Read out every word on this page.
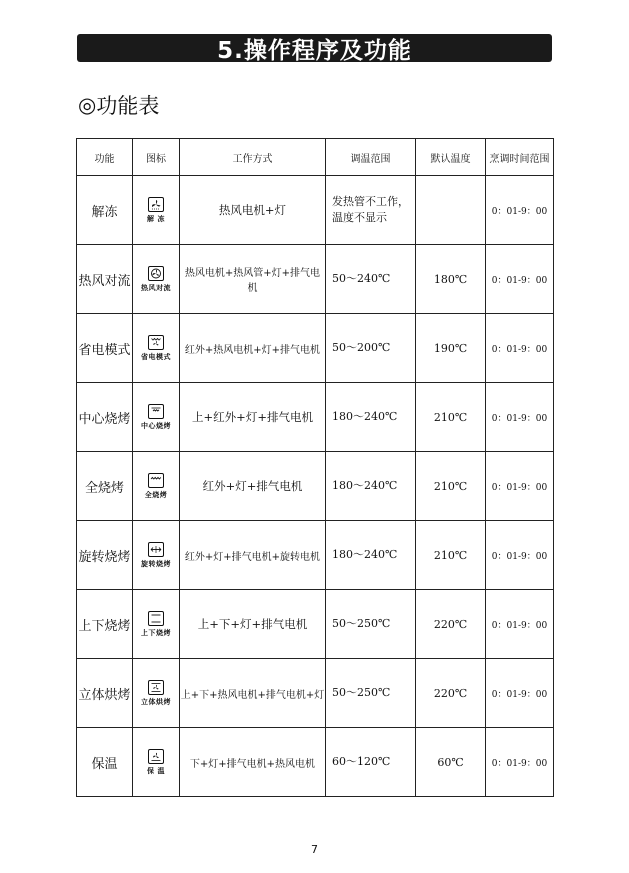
5.操作程序及功能
◎ 功能表
功能	图标	工作方式	调温范围	默认温度	烹调时间范围
解冻	解 冻	热风电机+灯	发热管不工作，温度不显示		0：01-9：00
热风对流	热风对流	热风电机+热风管+灯+排气电机	50～240℃	180℃	0：01-9：00
省电模式	省电模式	红外+热风电机+灯+排气电机	50～200℃	190℃	0：01-9：00
中心烧烤	中心烧烤	上+红外+灯+排气电机	180～240℃	210℃	0：01-9：00
全烧烤	全烧烤	红外+灯+排气电机	180～240℃	210℃	0：01-9：00
旋转烧烤	旋转烧烤	红外+灯+排气电机+旋转电机	180～240℃	210℃	0：01-9：00
上下烧烤	上下烧烤	上+下+灯+排气电机	50～250℃	220℃	0：01-9：00
立体烘烤	立体烘烤	上+下+热风电机+排气电机+灯	50～250℃	220℃	0：01-9：00
保温	保 温	下+灯+排气电机+热风电机	60～120℃	60℃	0：01-9：00
7
